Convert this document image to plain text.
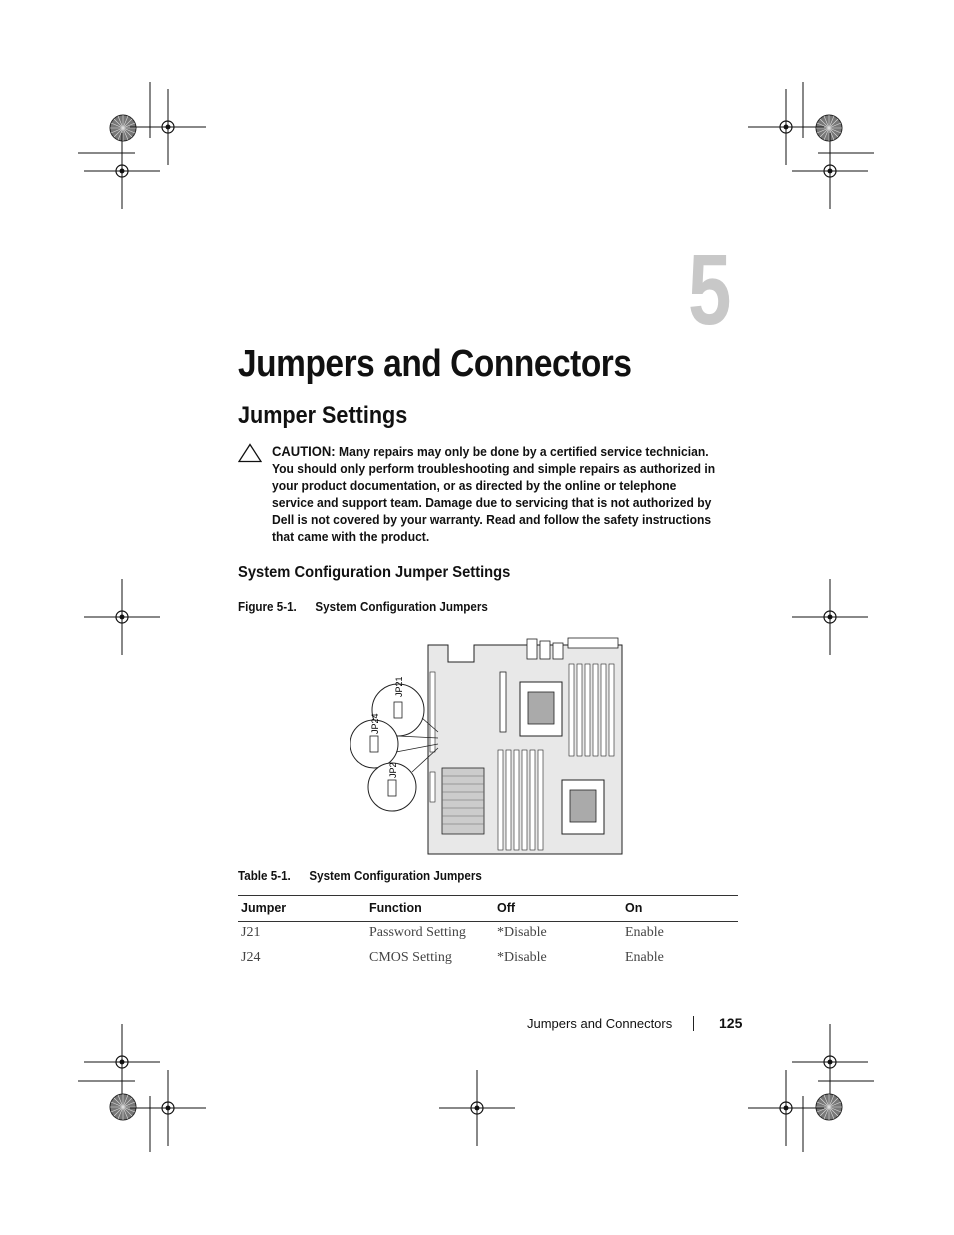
5
Jumpers and Connectors
Jumper Settings
CAUTION: Many repairs may only be done by a certified service technician. You should only perform troubleshooting and simple repairs as authorized in your product documentation, or as directed by the online or telephone service and support team. Damage due to servicing that is not authorized by Dell is not covered by your warranty. Read and follow the safety instructions that came with the product.
System Configuration Jumper Settings
Figure 5-1. System Configuration Jumpers
JP21
JP24
JP2
Table 5-1. System Configuration Jumpers
Jumper	Function	Off	On
J21	Password Setting	*Disable	Enable
J24	CMOS Setting	*Disable	Enable
Jumpers and Connectors	125
